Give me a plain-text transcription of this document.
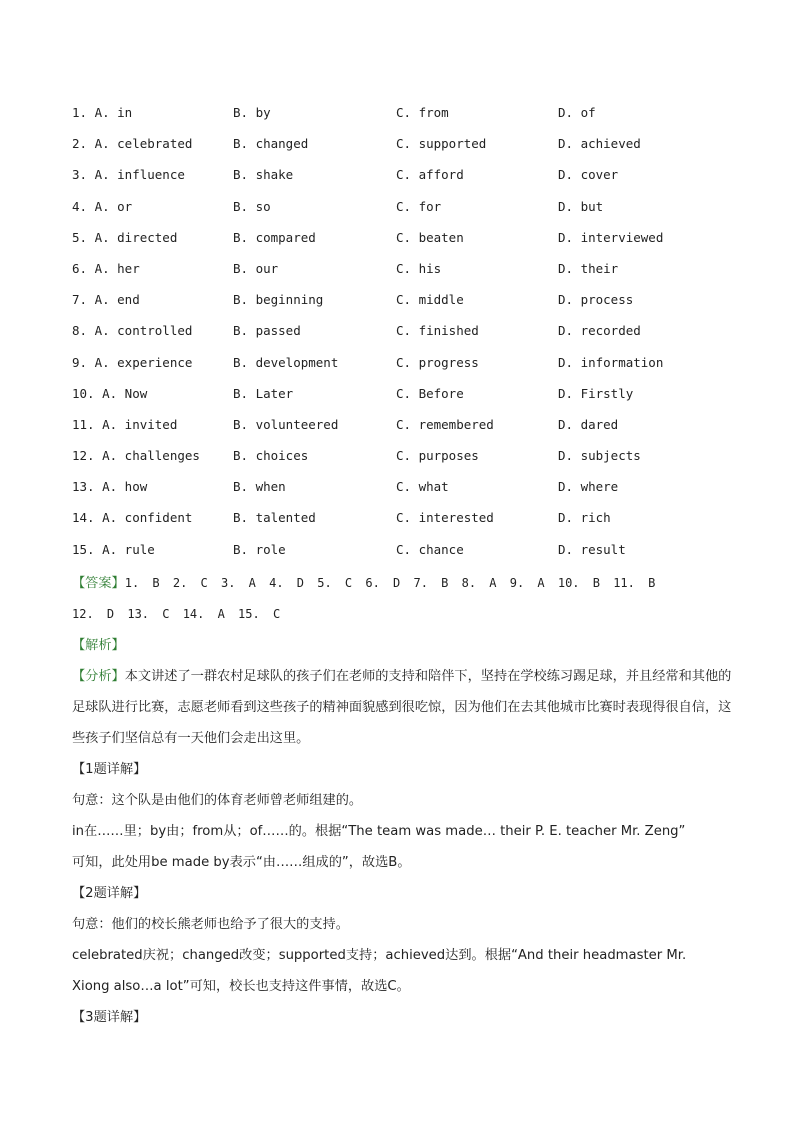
1. A. in	B. by	C. from	D. of
2. A. celebrated	B. changed	C. supported	D. achieved
3. A. influence	B. shake	C. afford	D. cover
4. A. or	B. so	C. for	D. but
5. A. directed	B. compared	C. beaten	D. interviewed
6. A. her	B. our	C. his	D. their
7. A. end	B. beginning	C. middle	D. process
8. A. controlled	B. passed	C. finished	D. recorded
9. A. experience	B. development	C. progress	D. information
10. A. Now	B. Later	C. Before	D. Firstly
11. A. invited	B. volunteered	C. remembered	D. dared
12. A. challenges	B. choices	C. purposes	D. subjects
13. A. how	B. when	C. what	D. where
14. A. confident	B. talented	C. interested	D. rich
15. A. rule	B. role	C. chance	D. result
【答案】1. B 2. C 3. A 4. D 5. C 6. D 7. B 8. A 9. A 10. B 11. B
12. D 13. C 14. A 15. C
【解析】
【分析】本文讲述了一群农村足球队的孩子们在老师的支持和陪伴下，坚持在学校练习踢足球，并且经常和其他的足球队进行比赛，志愿老师看到这些孩子的精神面貌感到很吃惊，因为他们在去其他城市比赛时表现得很自信，这些孩子们坚信总有一天他们会走出这里。
【1题详解】
句意：这个队是由他们的体育老师曾老师组建的。
in在……里；by由；from从；of……的。根据“The team was made… their P. E. teacher Mr. Zeng”
可知，此处用be made by表示“由……组成的”，故选B。
【2题详解】
句意：他们的校长熊老师也给予了很大的支持。
celebrated庆祝；changed改变；supported支持；achieved达到。根据“And their headmaster Mr.
Xiong also…a lot”可知，校长也支持这件事情，故选C。
【3题详解】
